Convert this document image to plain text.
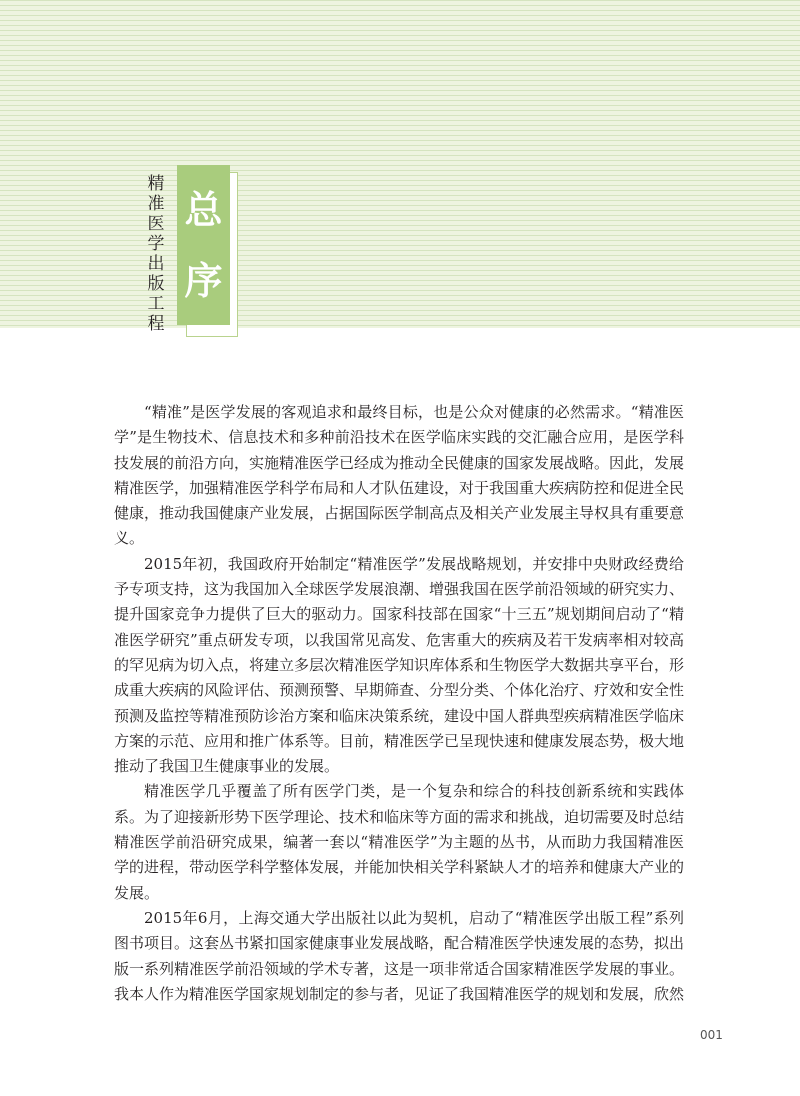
精
准
医
学
出
版
工
程
总
序

“精准”是医学发展的客观追求和最终目标，也是公众对健康的必然需求。“精准医学”是生物技术、信息技术和多种前沿技术在医学临床实践的交汇融合应用，是医学科技发展的前沿方向，实施精准医学已经成为推动全民健康的国家发展战略。因此，发展精准医学，加强精准医学科学布局和人才队伍建设，对于我国重大疾病防控和促进全民健康，推动我国健康产业发展，占据国际医学制高点及相关产业发展主导权具有重要意义。

2015年初，我国政府开始制定“精准医学”发展战略规划，并安排中央财政经费给予专项支持，这为我国加入全球医学发展浪潮、增强我国在医学前沿领域的研究实力、提升国家竞争力提供了巨大的驱动力。国家科技部在国家“十三五”规划期间启动了“精准医学研究”重点研发专项，以我国常见高发、危害重大的疾病及若干发病率相对较高的罕见病为切入点，将建立多层次精准医学知识库体系和生物医学大数据共享平台，形成重大疾病的风险评估、预测预警、早期筛查、分型分类、个体化治疗、疗效和安全性预测及监控等精准预防诊治方案和临床决策系统，建设中国人群典型疾病精准医学临床方案的示范、应用和推广体系等。目前，精准医学已呈现快速和健康发展态势，极大地推动了我国卫生健康事业的发展。

精准医学几乎覆盖了所有医学门类，是一个复杂和综合的科技创新系统和实践体系。为了迎接新形势下医学理论、技术和临床等方面的需求和挑战，迫切需要及时总结精准医学前沿研究成果，编著一套以“精准医学”为主题的丛书，从而助力我国精准医学的进程，带动医学科学整体发展，并能加快相关学科紧缺人才的培养和健康大产业的发展。

2015年6月，上海交通大学出版社以此为契机，启动了“精准医学出版工程”系列图书项目。这套丛书紧扣国家健康事业发展战略，配合精准医学快速发展的态势，拟出版一系列精准医学前沿领域的学术专著，这是一项非常适合国家精准医学发展的事业。我本人作为精准医学国家规划制定的参与者，见证了我国精准医学的规划和发展，欣然

001
